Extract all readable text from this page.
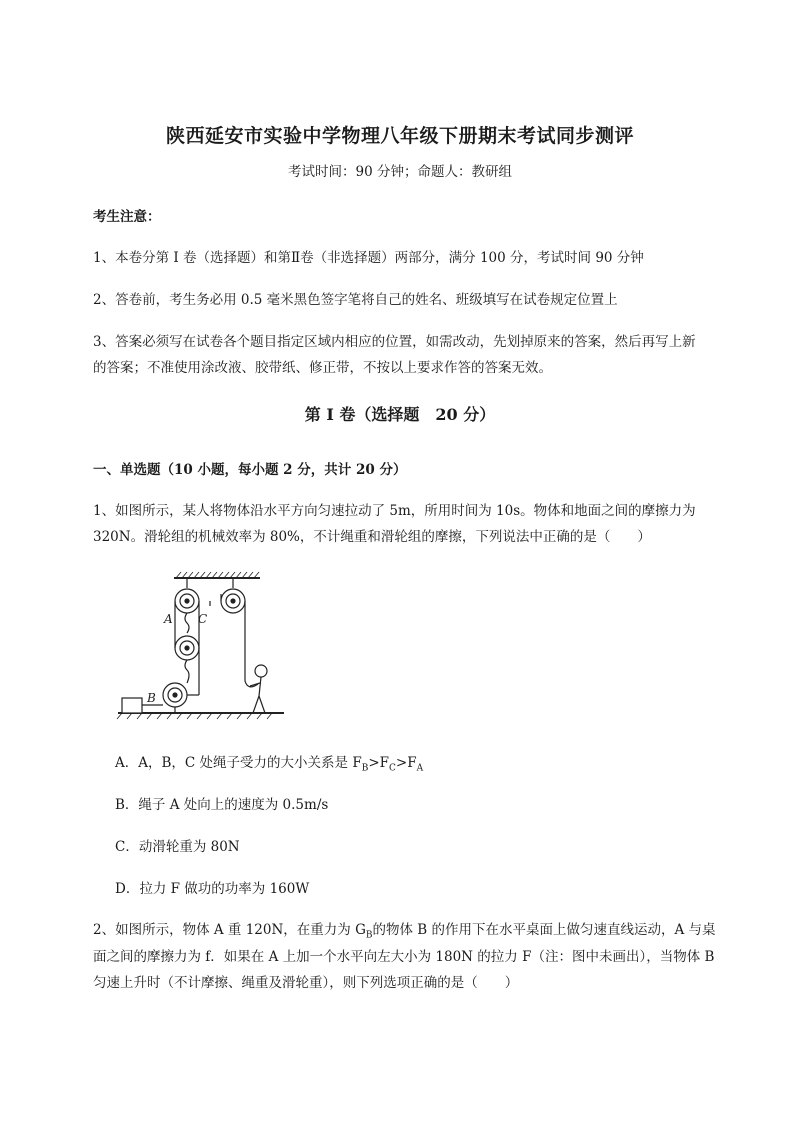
陕西延安市实验中学物理八年级下册期末考试同步测评
考试时间：90 分钟；命题人：教研组
考生注意：
1、本卷分第 I 卷（选择题）和第Ⅱ卷（非选择题）两部分，满分 100 分，考试时间 90 分钟
2、答卷前，考生务必用 0.5 毫米黑色签字笔将自己的姓名、班级填写在试卷规定位置上
3、答案必须写在试卷各个题目指定区域内相应的位置，如需改动，先划掉原来的答案，然后再写上新
的答案；不准使用涂改液、胶带纸、修正带，不按以上要求作答的答案无效。
第 I 卷（选择题　20 分）
一、单选题（10 小题，每小题 2 分，共计 20 分）
1、如图所示，某人将物体沿水平方向匀速拉动了 5m，所用时间为 10s。物体和地面之间的摩擦力为
320N。滑轮组的机械效率为 80%，不计绳重和滑轮组的摩擦，下列说法中正确的是（　　）
A C
B
A．A，B，C 处绳子受力的大小关系是 $F_B>F_C>F_A$
B．绳子 A 处向上的速度为 0.5m/s
C．动滑轮重为 80N
D．拉力 F 做功的功率为 160W
2、如图所示，物体 A 重 120N，在重力为 $G_B$的物体 B 的作用下在水平桌面上做匀速直线运动，A 与桌
面之间的摩擦力为 f．如果在 A 上加一个水平向左大小为 180N 的拉力 F（注：图中未画出），当物体 B
匀速上升时（不计摩擦、绳重及滑轮重），则下列选项正确的是（　　）
